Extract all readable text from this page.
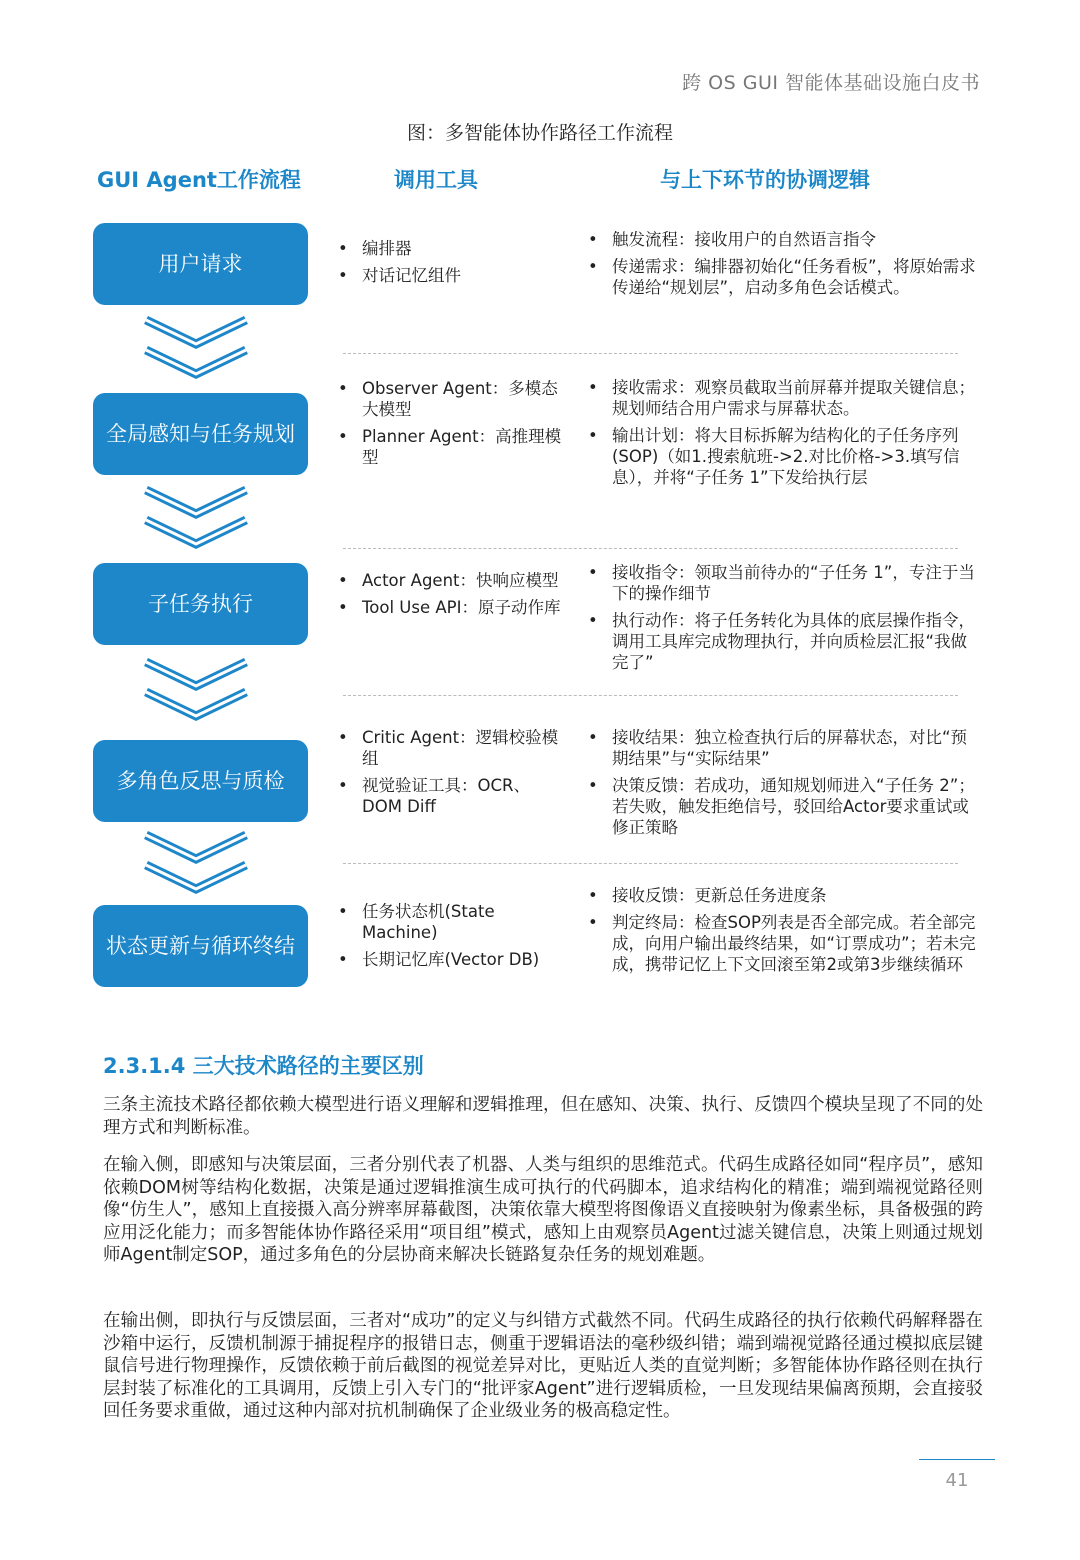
跨 OS GUI 智能体基础设施白皮书
图：多智能体协作路径工作流程
GUI Agent工作流程	调用工具	与上下环节的协调逻辑
用户请求
全局感知与任务规划
子任务执行
多角色反思与质检
状态更新与循环终结
• 编排器
• 对话记忆组件
• 触发流程：接收用户的自然语言指令
• 传递需求：编排器初始化“任务看板”，将原始需求传递给“规划层”，启动多角色会话模式。
• Observer Agent：多模态大模型
• Planner Agent：高推理模型
• 接收需求：观察员截取当前屏幕并提取关键信息；规划师结合用户需求与屏幕状态。
• 输出计划：将大目标拆解为结构化的子任务序列(SOP)（如1.搜索航班->2.对比价格->3.填写信息），并将“子任务 1”下发给执行层
• Actor Agent：快响应模型
• Tool Use API：原子动作库
• 接收指令：领取当前待办的“子任务 1”，专注于当下的操作细节
• 执行动作：将子任务转化为具体的底层操作指令，调用工具库完成物理执行，并向质检层汇报“我做完了”
• Critic Agent：逻辑校验模组
• 视觉验证工具：OCR、DOM Diff
• 接收结果：独立检查执行后的屏幕状态，对比“预期结果”与“实际结果”
• 决策反馈：若成功，通知规划师进入“子任务 2”；若失败，触发拒绝信号，驳回给Actor要求重试或修正策略
• 任务状态机(State Machine)
• 长期记忆库(Vector DB)
• 接收反馈：更新总任务进度条
• 判定终局：检查SOP列表是否全部完成。若全部完成，向用户输出最终结果，如“订票成功”；若未完成，携带记忆上下文回滚至第2或第3步继续循环
2.3.1.4 三大技术路径的主要区别

三条主流技术路径都依赖大模型进行语义理解和逻辑推理，但在感知、决策、执行、反馈四个模块呈现了不同的处理方式和判断标准。

在输入侧，即感知与决策层面，三者分别代表了机器、人类与组织的思维范式。代码生成路径如同“程序员”，感知依赖DOM树等结构化数据，决策是通过逻辑推演生成可执行的代码脚本，追求结构化的精准；端到端视觉路径则像“仿生人”，感知上直接摄入高分辨率屏幕截图，决策依靠大模型将图像语义直接映射为像素坐标，具备极强的跨应用泛化能力；而多智能体协作路径采用“项目组”模式，感知上由观察员Agent过滤关键信息，决策上则通过规划师Agent制定SOP，通过多角色的分层协商来解决长链路复杂任务的规划难题。

在输出侧，即执行与反馈层面，三者对“成功”的定义与纠错方式截然不同。代码生成路径的执行依赖代码解释器在沙箱中运行，反馈机制源于捕捉程序的报错日志，侧重于逻辑语法的毫秒级纠错；端到端视觉路径通过模拟底层键鼠信号进行物理操作，反馈依赖于前后截图的视觉差异对比，更贴近人类的直觉判断；多智能体协作路径则在执行层封装了标准化的工具调用，反馈上引入专门的“批评家Agent”进行逻辑质检，一旦发现结果偏离预期，会直接驳回任务要求重做，通过这种内部对抗机制确保了企业级业务的极高稳定性。

41
